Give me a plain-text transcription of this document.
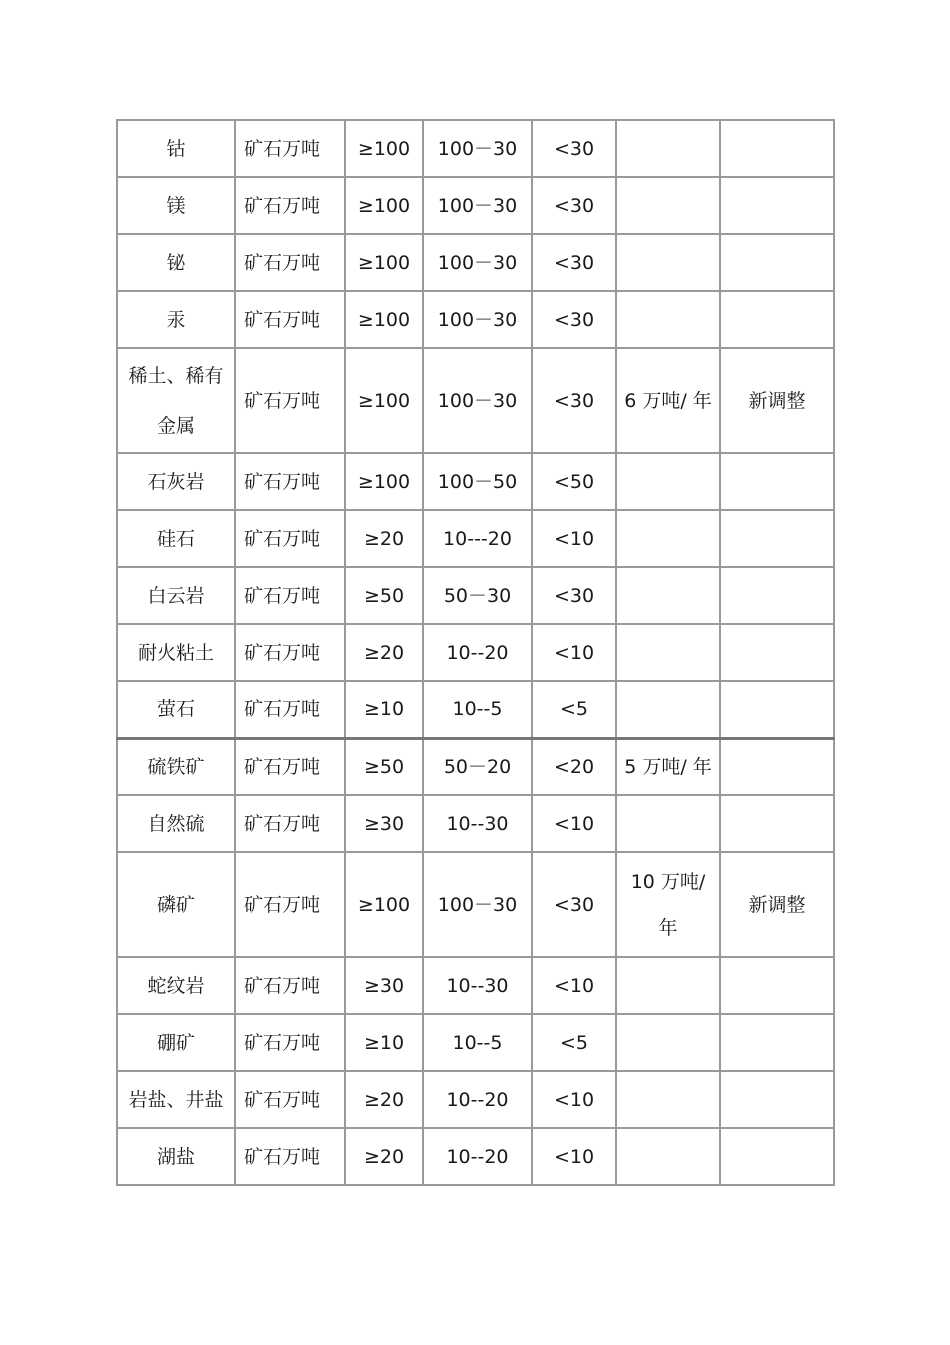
钴	矿石万吨	≥100	100－30	<30		
镁	矿石万吨	≥100	100－30	<30		
铋	矿石万吨	≥100	100－30	<30		
汞	矿石万吨	≥100	100－30	<30		
稀土、稀有金属	矿石万吨	≥100	100－30	<30	6 万吨/ 年	新调整
石灰岩	矿石万吨	≥100	100－50	<50		
硅石	矿石万吨	≥20	10---20	<10		
白云岩	矿石万吨	≥50	50－30	<30		
耐火粘土	矿石万吨	≥20	10--20	<10		
萤石	矿石万吨	≥10	10--5	<5		
硫铁矿	矿石万吨	≥50	50－20	<20	5 万吨/ 年	
自然硫	矿石万吨	≥30	10--30	<10		
磷矿	矿石万吨	≥100	100－30	<30	10 万吨/ 年	新调整
蛇纹岩	矿石万吨	≥30	10--30	<10		
硼矿	矿石万吨	≥10	10--5	<5		
岩盐、井盐	矿石万吨	≥20	10--20	<10		
湖盐	矿石万吨	≥20	10--20	<10		
